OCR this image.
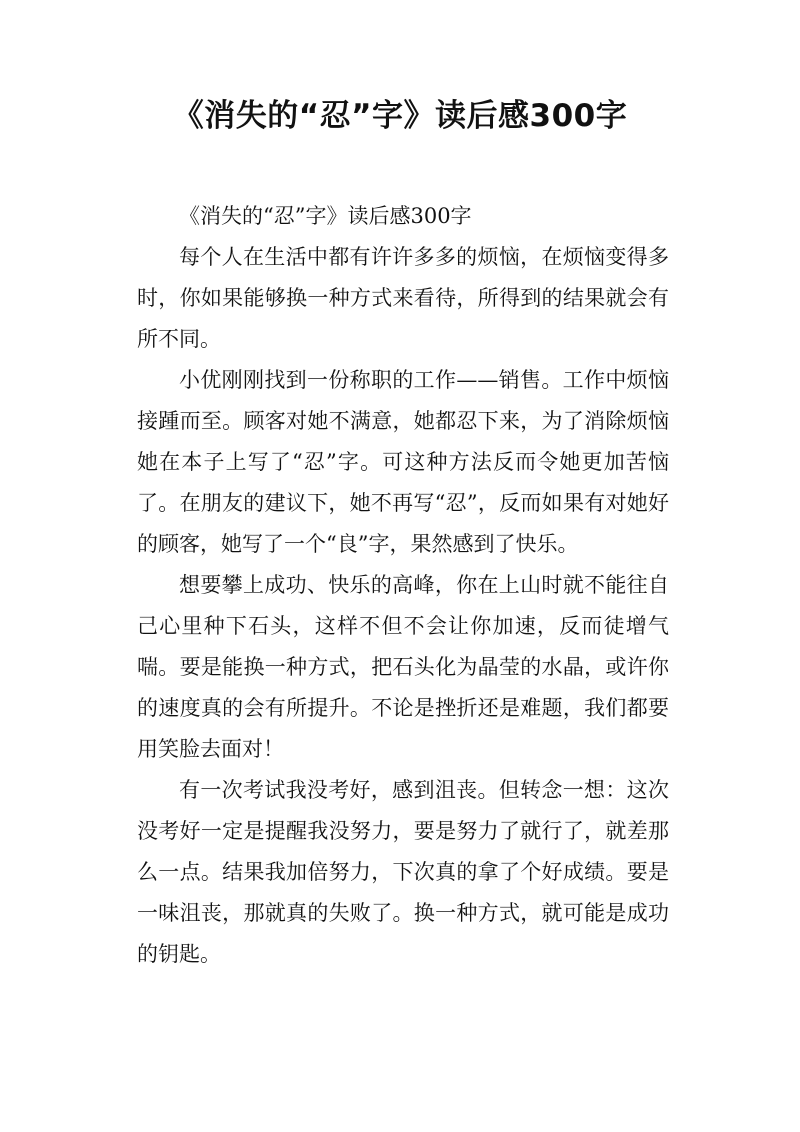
《消失的“忍”字》读后感300字

《消失的“忍”字》读后感300字

每个人在生活中都有许许多多的烦恼，在烦恼变得多时，你如果能够换一种方式来看待，所得到的结果就会有所不同。

小优刚刚找到一份称职的工作——销售。工作中烦恼接踵而至。顾客对她不满意，她都忍下来，为了消除烦恼她在本子上写了“忍”字。可这种方法反而令她更加苦恼了。在朋友的建议下，她不再写“忍”，反而如果有对她好的顾客，她写了一个“良”字，果然感到了快乐。

想要攀上成功、快乐的高峰，你在上山时就不能往自己心里种下石头，这样不但不会让你加速，反而徒增气喘。要是能换一种方式，把石头化为晶莹的水晶，或许你的速度真的会有所提升。不论是挫折还是难题，我们都要用笑脸去面对！

有一次考试我没考好，感到沮丧。但转念一想：这次没考好一定是提醒我没努力，要是努力了就行了，就差那么一点。结果我加倍努力，下次真的拿了个好成绩。要是一味沮丧，那就真的失败了。换一种方式，就可能是成功的钥匙。
